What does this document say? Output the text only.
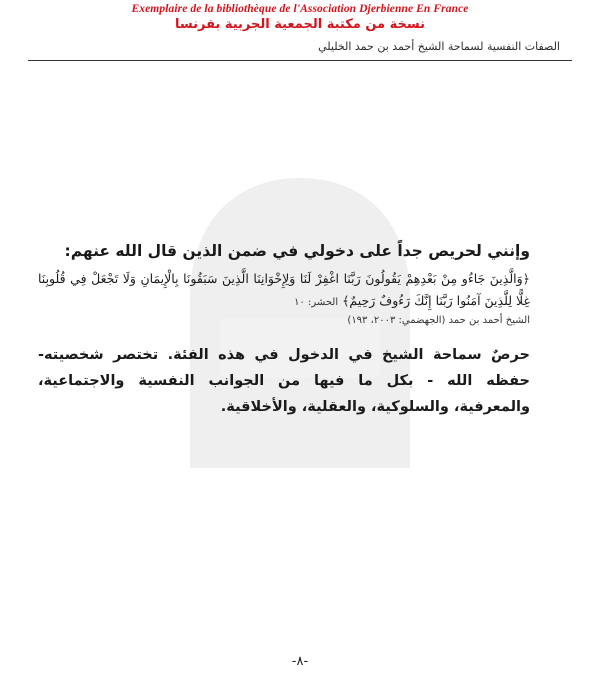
Exemplaire de la bibliothèque de l'Association Djerbienne En France
نسخة من مكتبة الجمعية الجربية بفرنسا
الصفات النفسية لسماحة الشيخ أحمد بن حمد الخليلي

وإنني لحريص جداً على دخولي في ضمن الذين قال الله عنهم:

﴿وَالَّذِينَ جَاءُو مِنْ بَعْدِهِمْ يَقُولُونَ رَبَّنَا اغْفِرْ لَنَا وَلِإِخْوَانِنَا الَّذِينَ سَبَقُونَا بِالْإِيمَانِ وَلَا تَجْعَلْ فِي قُلُوبِنَا غِلًّا لِلَّذِينَ آمَنُوا رَبَّنَا إِنَّكَ رَءُوفٌ رَحِيمٌ﴾ الحشر: ١٠

الشيخ أحمد بن حمد (الجهضمي: ٢٠٠٣، ١٩٣)

حرصٌ سماحة الشيخ في الدخول في هذه الفئة. تختصر شخصيته- حفظه الله - بكل ما فيها من الجوانب النفسية والاجتماعية، والمعرفية، والسلوكية، والعقلية، والأخلاقية.

-٨-
